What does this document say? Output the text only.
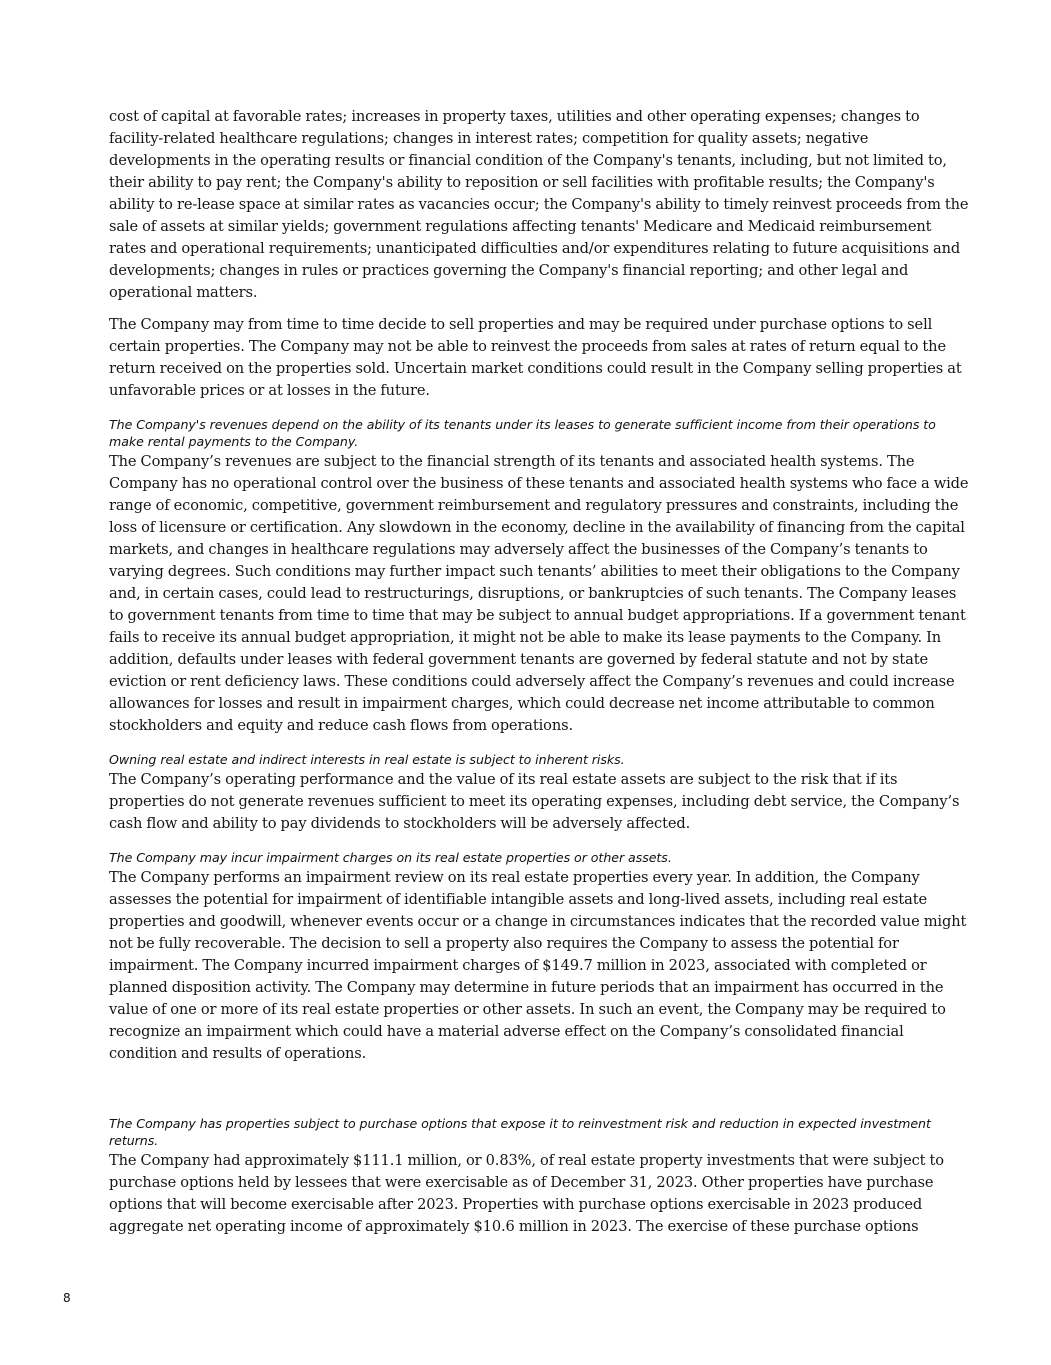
cost of capital at favorable rates; increases in property taxes, utilities and other operating expenses; changes to facility-related healthcare regulations; changes in interest rates; competition for quality assets; negative developments in the operating results or financial condition of the Company's tenants, including, but not limited to, their ability to pay rent; the Company's ability to reposition or sell facilities with profitable results; the Company's ability to re-lease space at similar rates as vacancies occur; the Company's ability to timely reinvest proceeds from the sale of assets at similar yields; government regulations affecting tenants' Medicare and Medicaid reimbursement rates and operational requirements; unanticipated difficulties and/or expenditures relating to future acquisitions and developments; changes in rules or practices governing the Company's financial reporting; and other legal and operational matters.

The Company may from time to time decide to sell properties and may be required under purchase options to sell certain properties. The Company may not be able to reinvest the proceeds from sales at rates of return equal to the return received on the properties sold. Uncertain market conditions could result in the Company selling properties at unfavorable prices or at losses in the future.

The Company's revenues depend on the ability of its tenants under its leases to generate sufficient income from their operations to make rental payments to the Company.

The Company’s revenues are subject to the financial strength of its tenants and associated health systems. The Company has no operational control over the business of these tenants and associated health systems who face a wide range of economic, competitive, government reimbursement and regulatory pressures and constraints, including the loss of licensure or certification. Any slowdown in the economy, decline in the availability of financing from the capital markets, and changes in healthcare regulations may adversely affect the businesses of the Company’s tenants to varying degrees. Such conditions may further impact such tenants’ abilities to meet their obligations to the Company and, in certain cases, could lead to restructurings, disruptions, or bankruptcies of such tenants. The Company leases to government tenants from time to time that may be subject to annual budget appropriations. If a government tenant fails to receive its annual budget appropriation, it might not be able to make its lease payments to the Company. In addition, defaults under leases with federal government tenants are governed by federal statute and not by state eviction or rent deficiency laws. These conditions could adversely affect the Company’s revenues and could increase allowances for losses and result in impairment charges, which could decrease net income attributable to common stockholders and equity and reduce cash flows from operations.

Owning real estate and indirect interests in real estate is subject to inherent risks.

The Company’s operating performance and the value of its real estate assets are subject to the risk that if its properties do not generate revenues sufficient to meet its operating expenses, including debt service, the Company’s cash flow and ability to pay dividends to stockholders will be adversely affected.

The Company may incur impairment charges on its real estate properties or other assets.

The Company performs an impairment review on its real estate properties every year. In addition, the Company assesses the potential for impairment of identifiable intangible assets and long-lived assets, including real estate properties and goodwill, whenever events occur or a change in circumstances indicates that the recorded value might not be fully recoverable. The decision to sell a property also requires the Company to assess the potential for impairment. The Company incurred impairment charges of $149.7 million in 2023, associated with completed or planned disposition activity. The Company may determine in future periods that an impairment has occurred in the value of one or more of its real estate properties or other assets. In such an event, the Company may be required to recognize an impairment which could have a material adverse effect on the Company’s consolidated financial condition and results of operations.

The Company has properties subject to purchase options that expose it to reinvestment risk and reduction in expected investment returns.

The Company had approximately $111.1 million, or 0.83%, of real estate property investments that were subject to purchase options held by lessees that were exercisable as of December 31, 2023. Other properties have purchase options that will become exercisable after 2023. Properties with purchase options exercisable in 2023 produced aggregate net operating income of approximately $10.6 million in 2023. The exercise of these purchase options

8
